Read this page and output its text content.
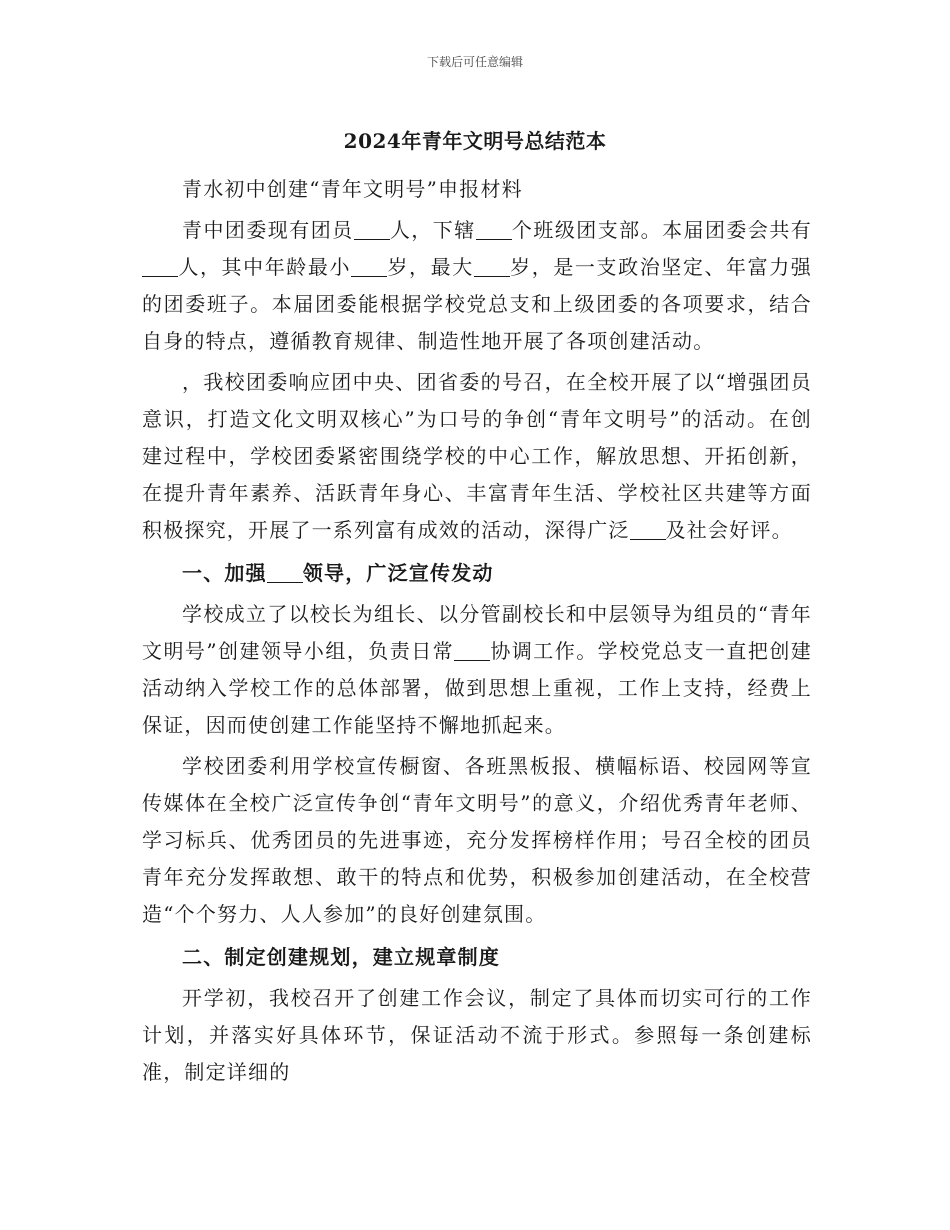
下载后可任意编辑
2024年青年文明号总结范本

青水初中创建“青年文明号”申报材料

青中团委现有团员 人，下辖 个班级团支部。本届团委会共有人，其中年龄最小 岁，最大 岁，是一支政治坚定、年富力强的团委班子。本届团委能根据学校党总支和上级团委的各项要求，结合自身的特点，遵循教育规律、制造性地开展了各项创建活动。

，我校团委响应团中央、团省委的号召，在全校开展了以“增强团员意识，打造文化文明双核心”为口号的争创“青年文明号”的活动。在创建过程中，学校团委紧密围绕学校的中心工作，解放思想、开拓创新，在提升青年素养、活跃青年身心、丰富青年生活、学校社区共建等方面积极探究，开展了一系列富有成效的活动，深得广泛 及社会好评。

一、加强 领导，广泛宣传发动

学校成立了以校长为组长、以分管副校长和中层领导为组员的“青年文明号”创建领导小组，负责日常 协调工作。学校党总支一直把创建活动纳入学校工作的总体部署，做到思想上重视，工作上支持，经费上保证，因而使创建工作能坚持不懈地抓起来。

学校团委利用学校宣传橱窗、各班黑板报、横幅标语、校园网等宣传媒体在全校广泛宣传争创“青年文明号”的意义，介绍优秀青年老师、学习标兵、优秀团员的先进事迹，充分发挥榜样作用；号召全校的团员青年充分发挥敢想、敢干的特点和优势，积极参加创建活动，在全校营造“个个努力、人人参加”的良好创建氛围。

二、制定创建规划，建立规章制度

开学初，我校召开了创建工作会议，制定了具体而切实可行的工作计划，并落实好具体环节，保证活动不流于形式。参照每一条创建标准，制定详细的
